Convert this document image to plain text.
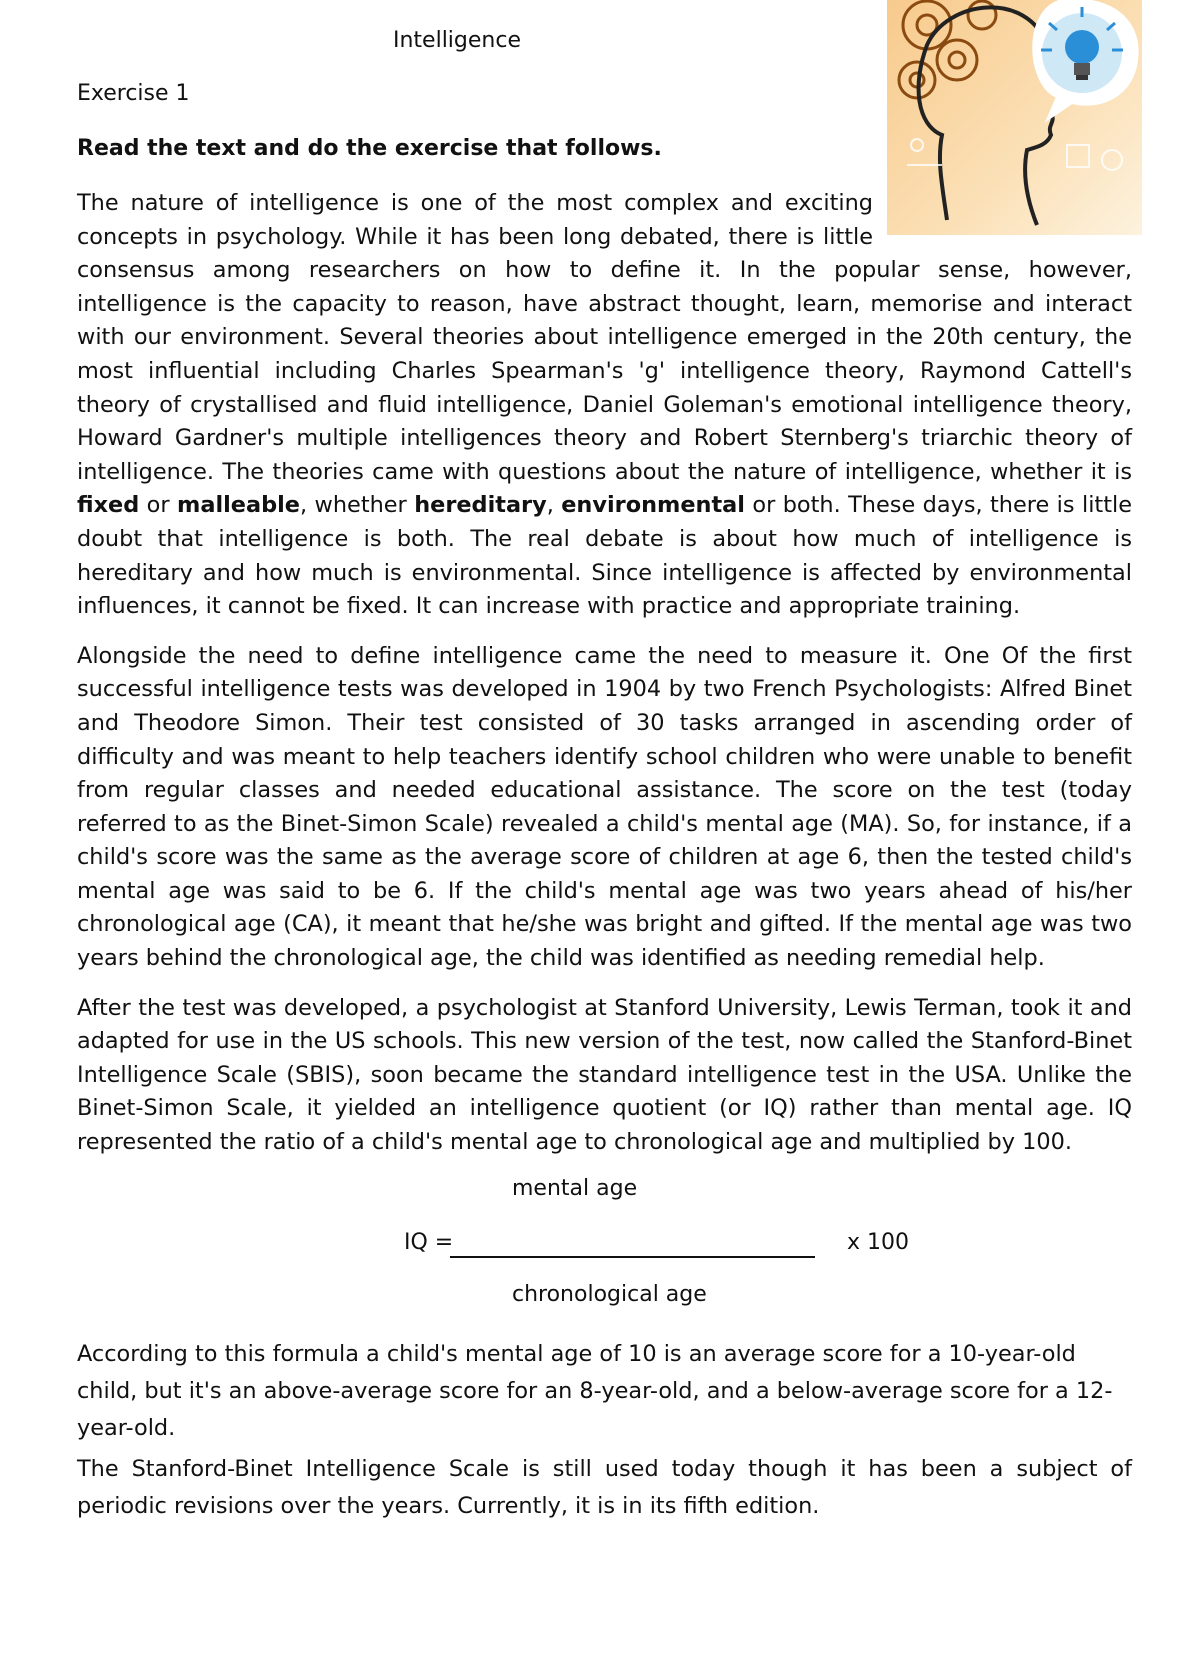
Intelligence
Exercise 1
Read the text and do the exercise that follows.

The nature of intelligence is one of the most complex and exciting concepts in psychology. While it has been long debated, there is little consensus among researchers on how to define it. In the popular sense, however, intelligence is the capacity to reason, have abstract thought, learn, memorise and interact with our environment. Several theories about intelligence emerged in the 20th century, the most influential including Charles Spearman's 'g' intelligence theory, Raymond Cattell's theory of crystallised and fluid intelligence, Daniel Goleman's emotional intelligence theory, Howard Gardner's multiple intelligences theory and Robert Sternberg's triarchic theory of intelligence. The theories came with questions about the nature of intelligence, whether it is fixed or malleable, whether hereditary, environmental or both. These days, there is little doubt that intelligence is both. The real debate is about how much of intelligence is hereditary and how much is environmental. Since intelligence is affected by environmental influences, it cannot be fixed. It can increase with practice and appropriate training.

Alongside the need to define intelligence came the need to measure it. One Of the first successful intelligence tests was developed in 1904 by two French Psychologists: Alfred Binet and Theodore Simon. Their test consisted of 30 tasks arranged in ascending order of difficulty and was meant to help teachers identify school children who were unable to benefit from regular classes and needed educational assistance. The score on the test (today referred to as the Binet-Simon Scale) revealed a child's mental age (MA). So, for instance, if a child's score was the same as the average score of children at age 6, then the tested child's mental age was said to be 6. If the child's mental age was two years ahead of his/her chronological age (CA), it meant that he/she was bright and gifted. If the mental age was two years behind the chronological age, the child was identified as needing remedial help.

After the test was developed, a psychologist at Stanford University, Lewis Terman, took it and adapted for use in the US schools. This new version of the test, now called the Stanford-Binet Intelligence Scale (SBIS), soon became the standard intelligence test in the USA. Unlike the Binet-Simon Scale, it yielded an intelligence quotient (or IQ) rather than mental age. IQ represented the ratio of a child's mental age to chronological age and multiplied by 100.

mental age
IQ =	x 100
chronological age

According to this formula a child's mental age of 10 is an average score for a 10-year-old child, but it's an above-average score for an 8-year-old, and a below-average score for a 12-year-old.

The Stanford-Binet Intelligence Scale is still used today though it has been a subject of periodic revisions over the years. Currently, it is in its fifth edition.
